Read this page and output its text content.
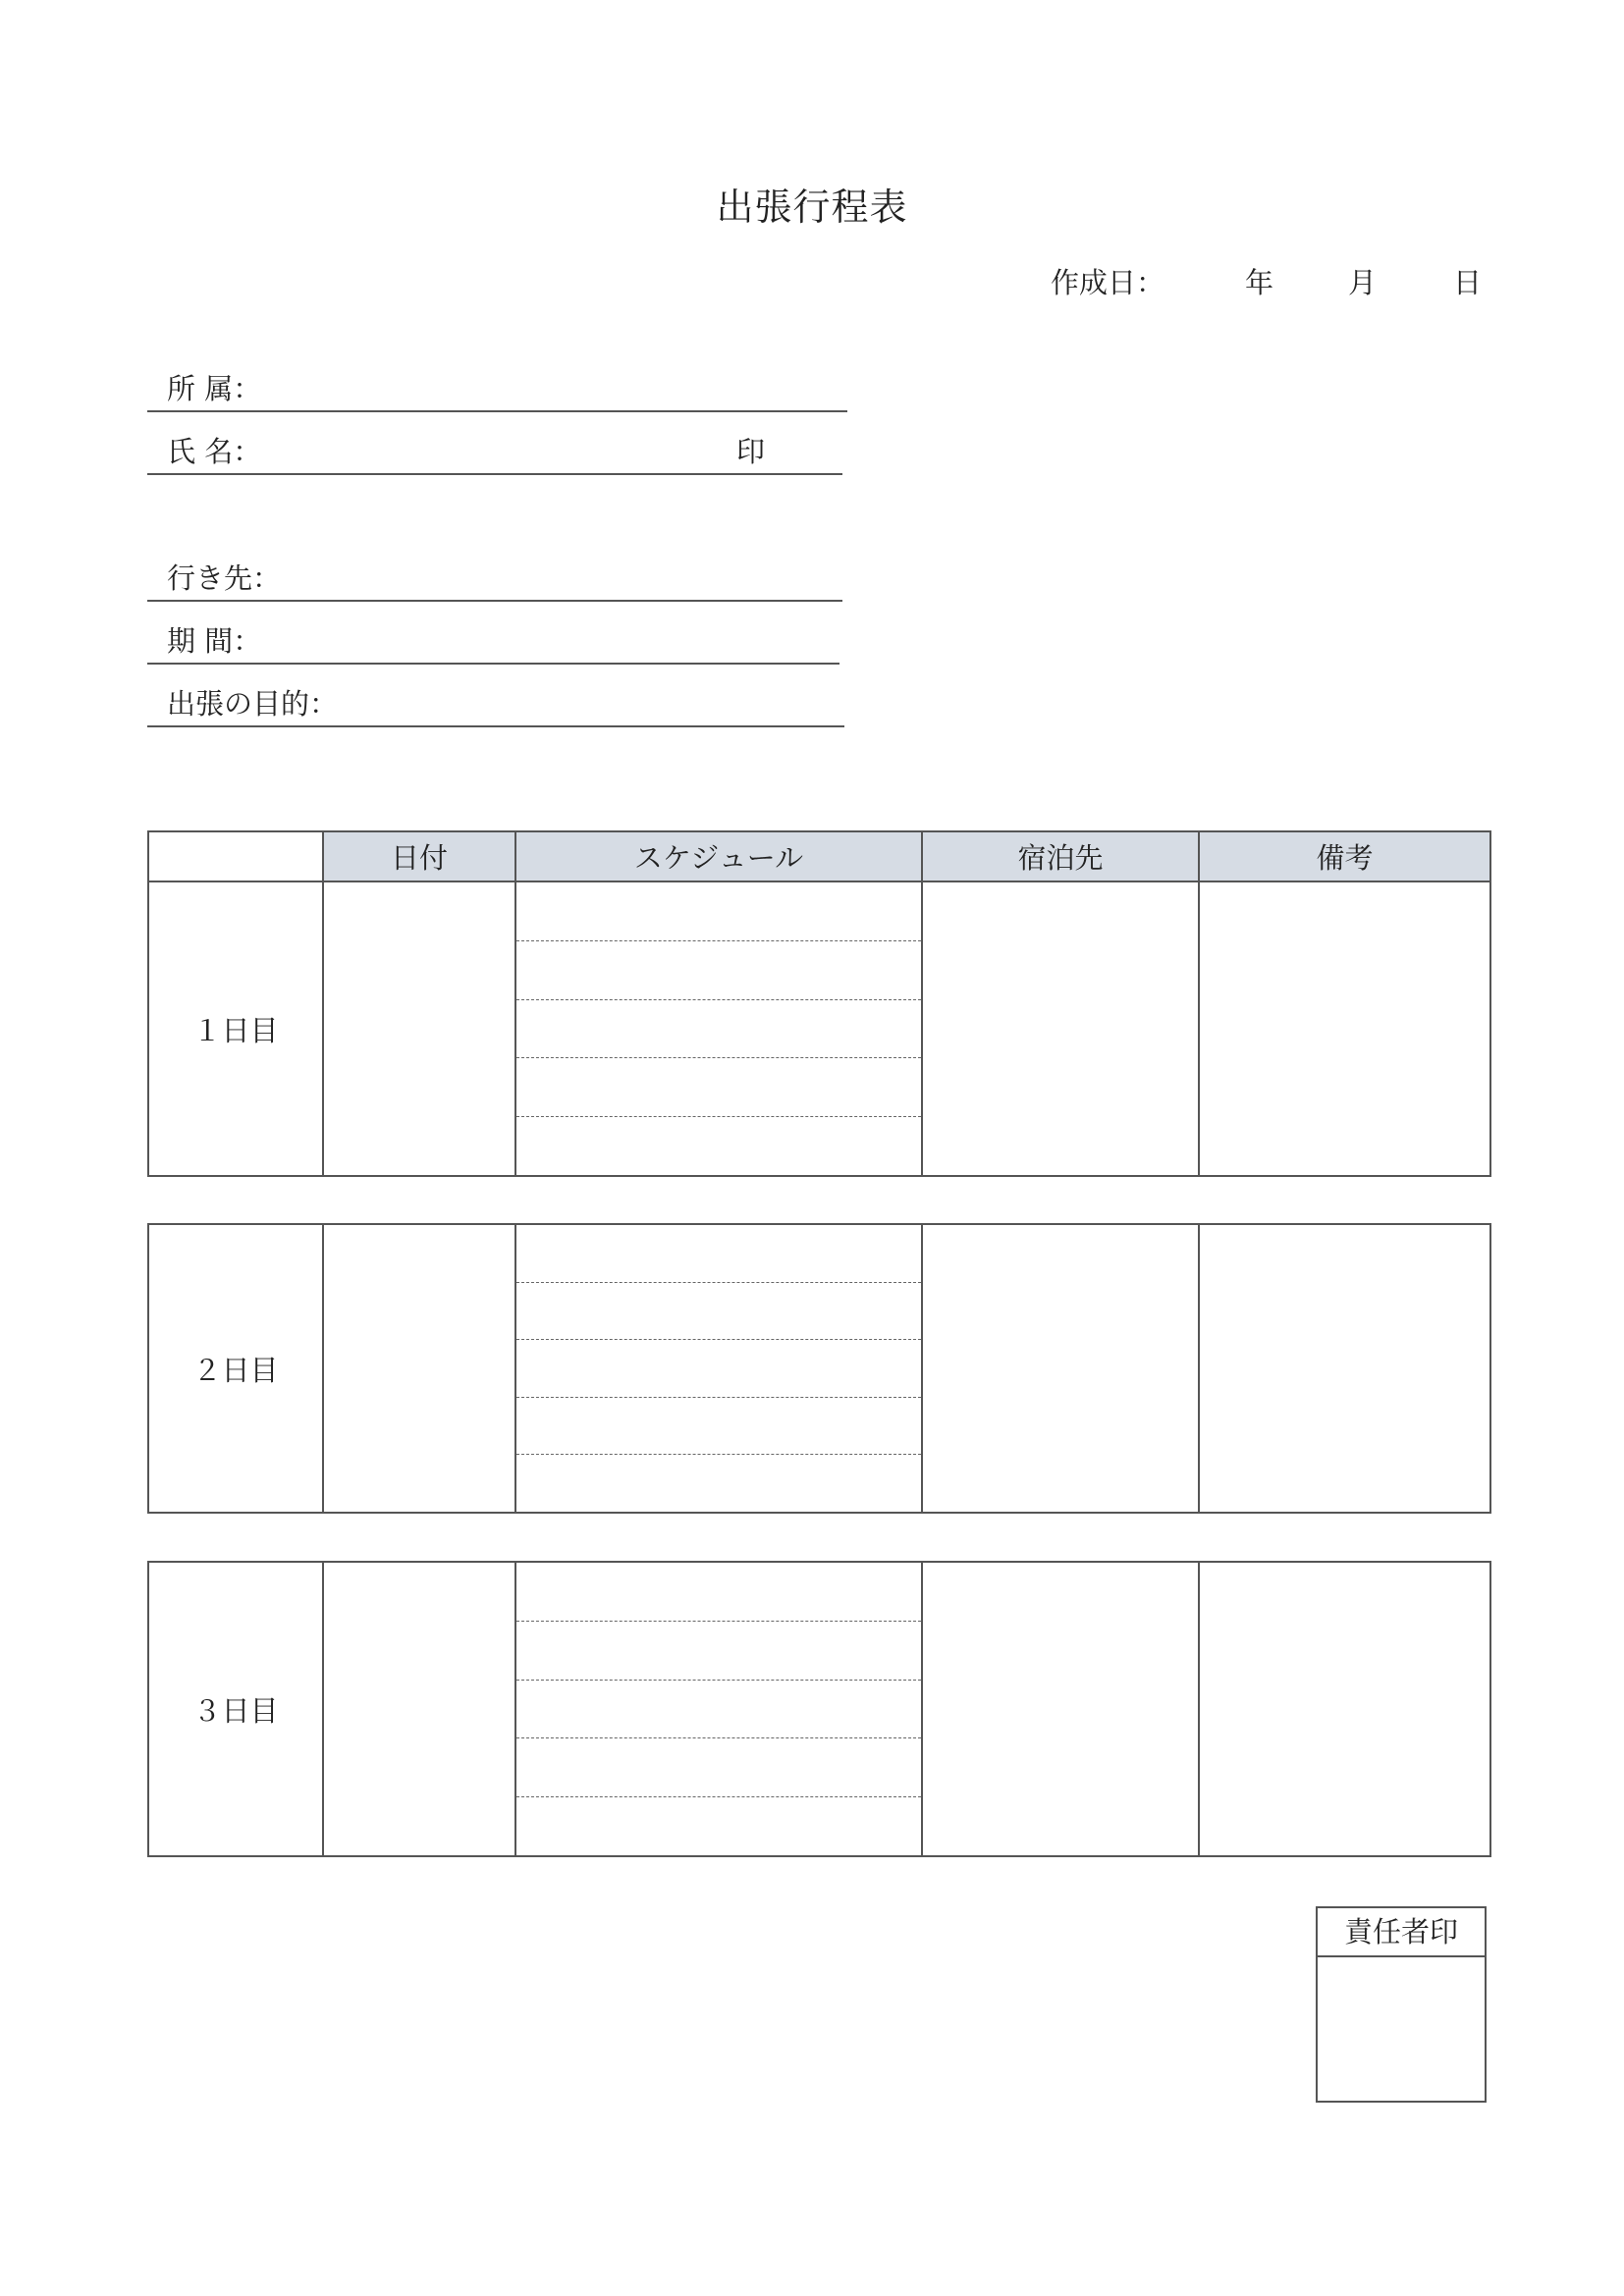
出張行程表
作成日：	年	月	日
所 属：
氏 名：	印
行き先：
期 間：
出張の目的：
	日付	スケジュール	宿泊先	備考
１日目		

２日目		

３日目		

責任者印
